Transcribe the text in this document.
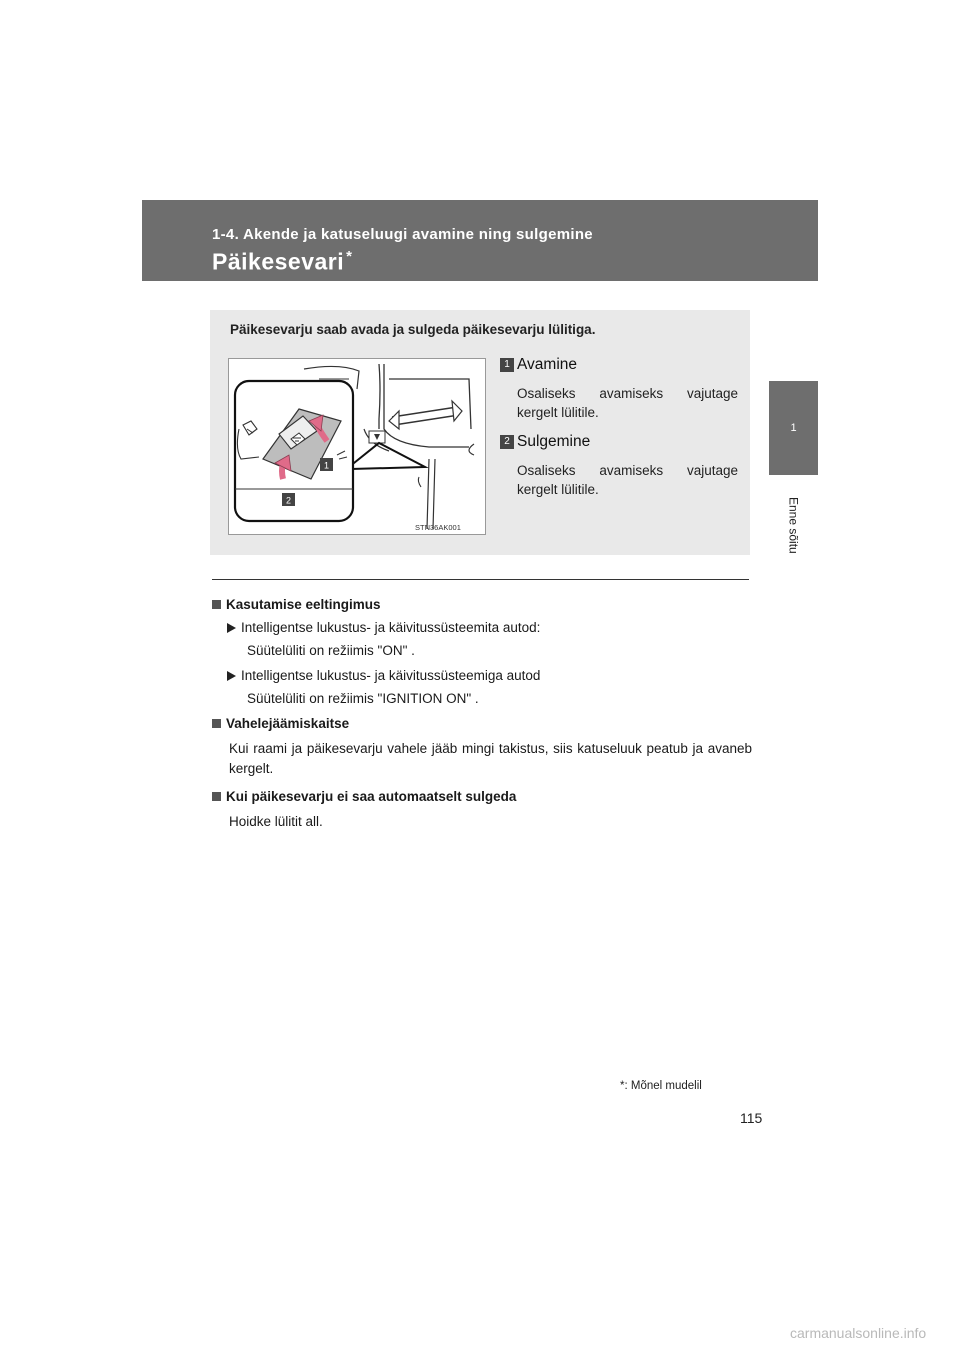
1-4. Akende ja katuseluugi avamine ning sulgemine
Päikesevari *
1
Enne sõitu
Päikesevarju saab avada ja sulgeda päikesevarju lülitiga.
1
2
STN36AK001
1 Avamine
Osaliseks avamiseks vajutage kergelt lülitile.
2 Sulgemine
Osaliseks avamiseks vajutage kergelt lülitile.
Kasutamise eeltingimus
Intelligentse lukustus- ja käivitussüsteemita autod:
Süütelüliti on režiimis "ON" .
Intelligentse lukustus- ja käivitussüsteemiga autod
Süütelüliti on režiimis "IGNITION ON" .
Vahelejäämiskaitse
Kui raami ja päikesevarju vahele jääb mingi takistus, siis katuseluuk peatub ja avaneb kergelt.
Kui päikesevarju ei saa automaatselt sulgeda
Hoidke lülitit all.
*: Mõnel mudelil
115
carmanualsonline.info
